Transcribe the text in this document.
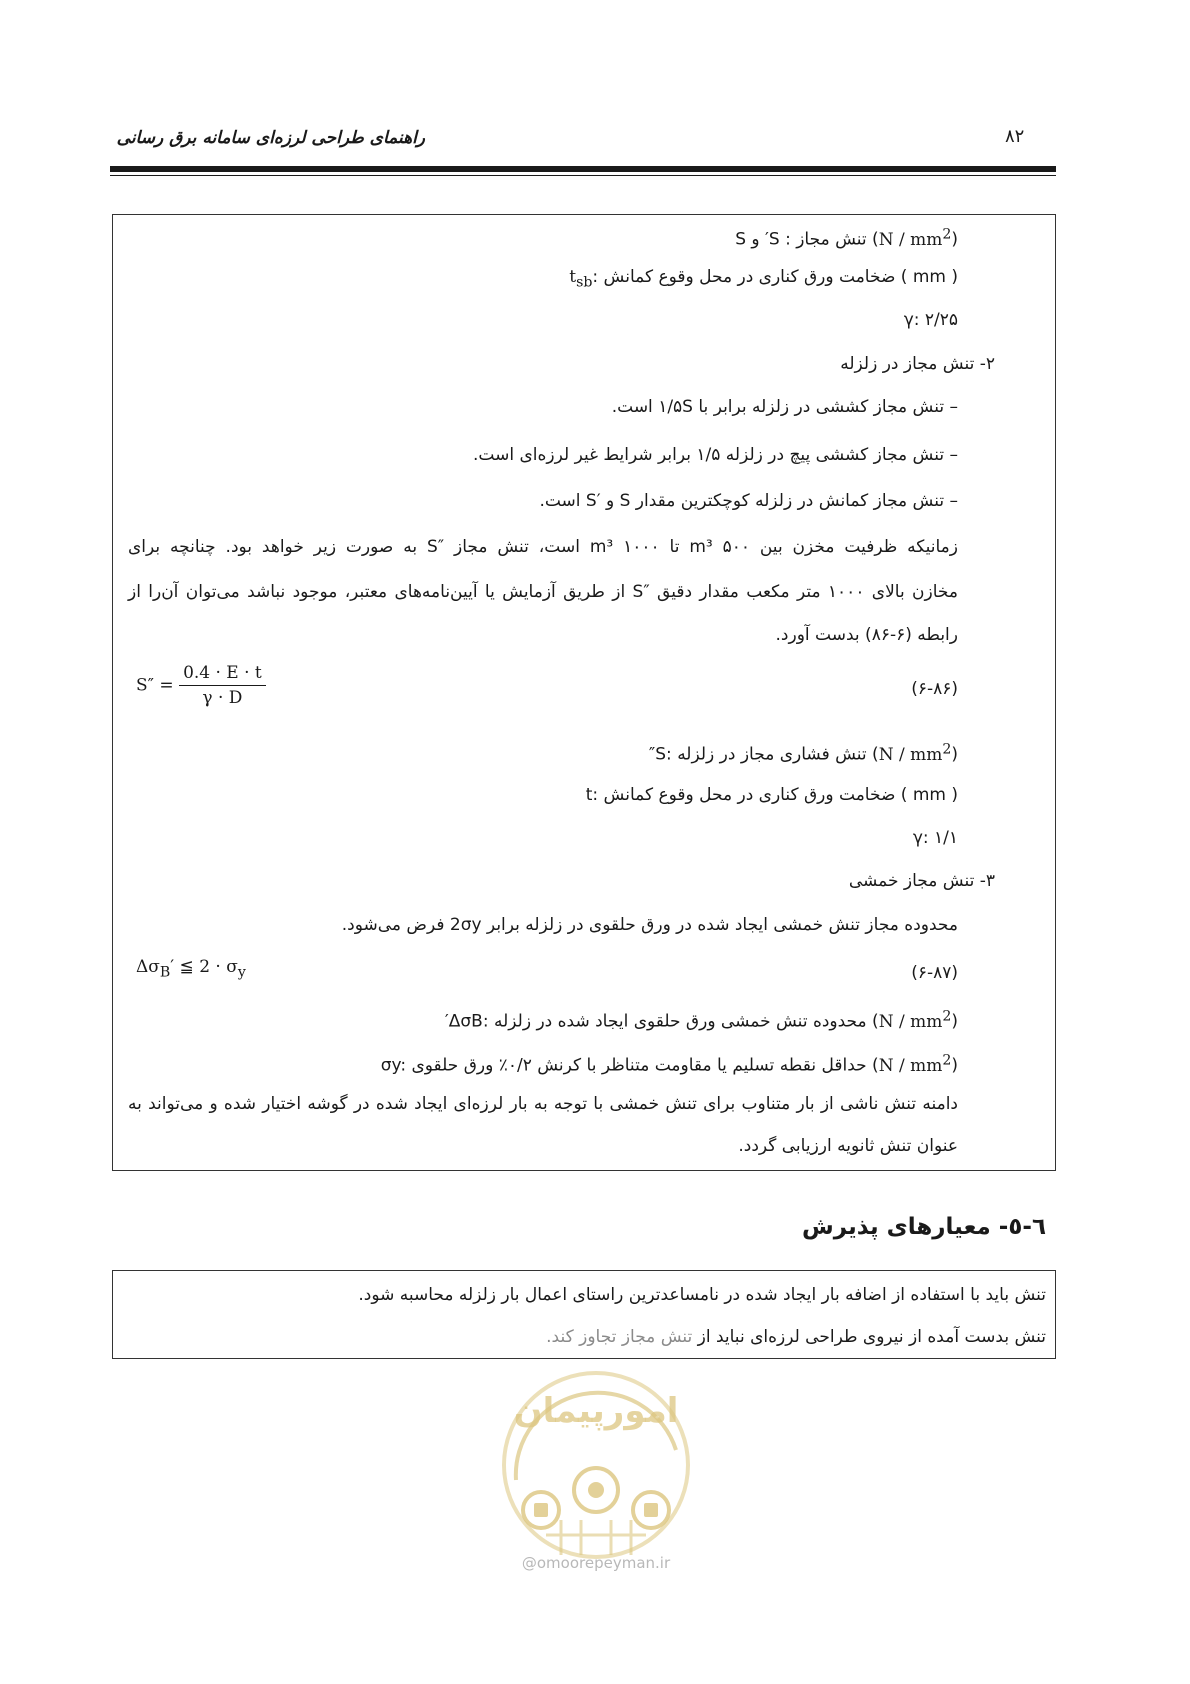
راهنمای طراحی لرزه‌ای سامانه برق رسانی	۸۲
S و ′S : تنش مجاز $(N / mm^2)$
$t_{sb}$: ضخامت ورق کناری در محل وقوع کمانش ( mm )
γ: ۲/۲۵
۲- تنش مجاز در زلزله
– تنش مجاز کششی در زلزله برابر با ۱/۵S است.
– تنش مجاز کششی پیچ در زلزله ۱/۵ برابر شرایط غیر لرزه‌ای است.
– تنش مجاز کمانش در زلزله کوچکترین مقدار S و ′S است.
زمانیکه ظرفیت مخزن بین ۵۰۰ m³ تا ۱۰۰۰ m³ است، تنش مجاز ″S به صورت زیر خواهد بود. چنانچه برای
مخازن بالای ۱۰۰۰ متر مکعب مقدار دقیق ″S از طریق آزمایش یا آیین‌نامه‌های معتبر، موجود نباشد می‌توان آن‌را از
رابطه (۶-۸۶) بدست آورد.
$S'' = \frac{0.4 \cdot E \cdot t}{\gamma \cdot D}$	(۶-۸۶)
″S: تنش فشاری مجاز در زلزله $(N / mm^2)$
t: ضخامت ورق کناری در محل وقوع کمانش ( mm )
γ: ۱/۱
۳- تنش مجاز خمشی
محدوده مجاز تنش خمشی ایجاد شده در ورق حلقوی در زلزله برابر 2σy فرض می‌شود.
$\Delta\sigma_B'$ ≦ $2 \cdot \sigma_y$	(۶-۸۷)
′ΔσB: محدوده تنش خمشی ورق حلقوی ایجاد شده در زلزله $(N / mm^2)$
σy: حداقل نقطه تسلیم یا مقاومت متناظر با کرنش ۰/۲٪ ورق حلقوی $(N / mm^2)$
دامنه تنش ناشی از بار متناوب برای تنش خمشی با توجه به بار لرزه‌ای ایجاد شده در گوشه اختیار شده و می‌تواند به
عنوان تنش ثانویه ارزیابی گردد.
٦-٥- معیارهای پذیرش
تنش باید با استفاده از اضافه بار ایجاد شده در نامساعدترین راستای اعمال بار زلزله محاسبه شود.
تنش بدست آمده از نیروی طراحی لرزه‌ای نباید از تنش مجاز تجاوز کند.
امورپیمان
@omoorepeyman.ir
